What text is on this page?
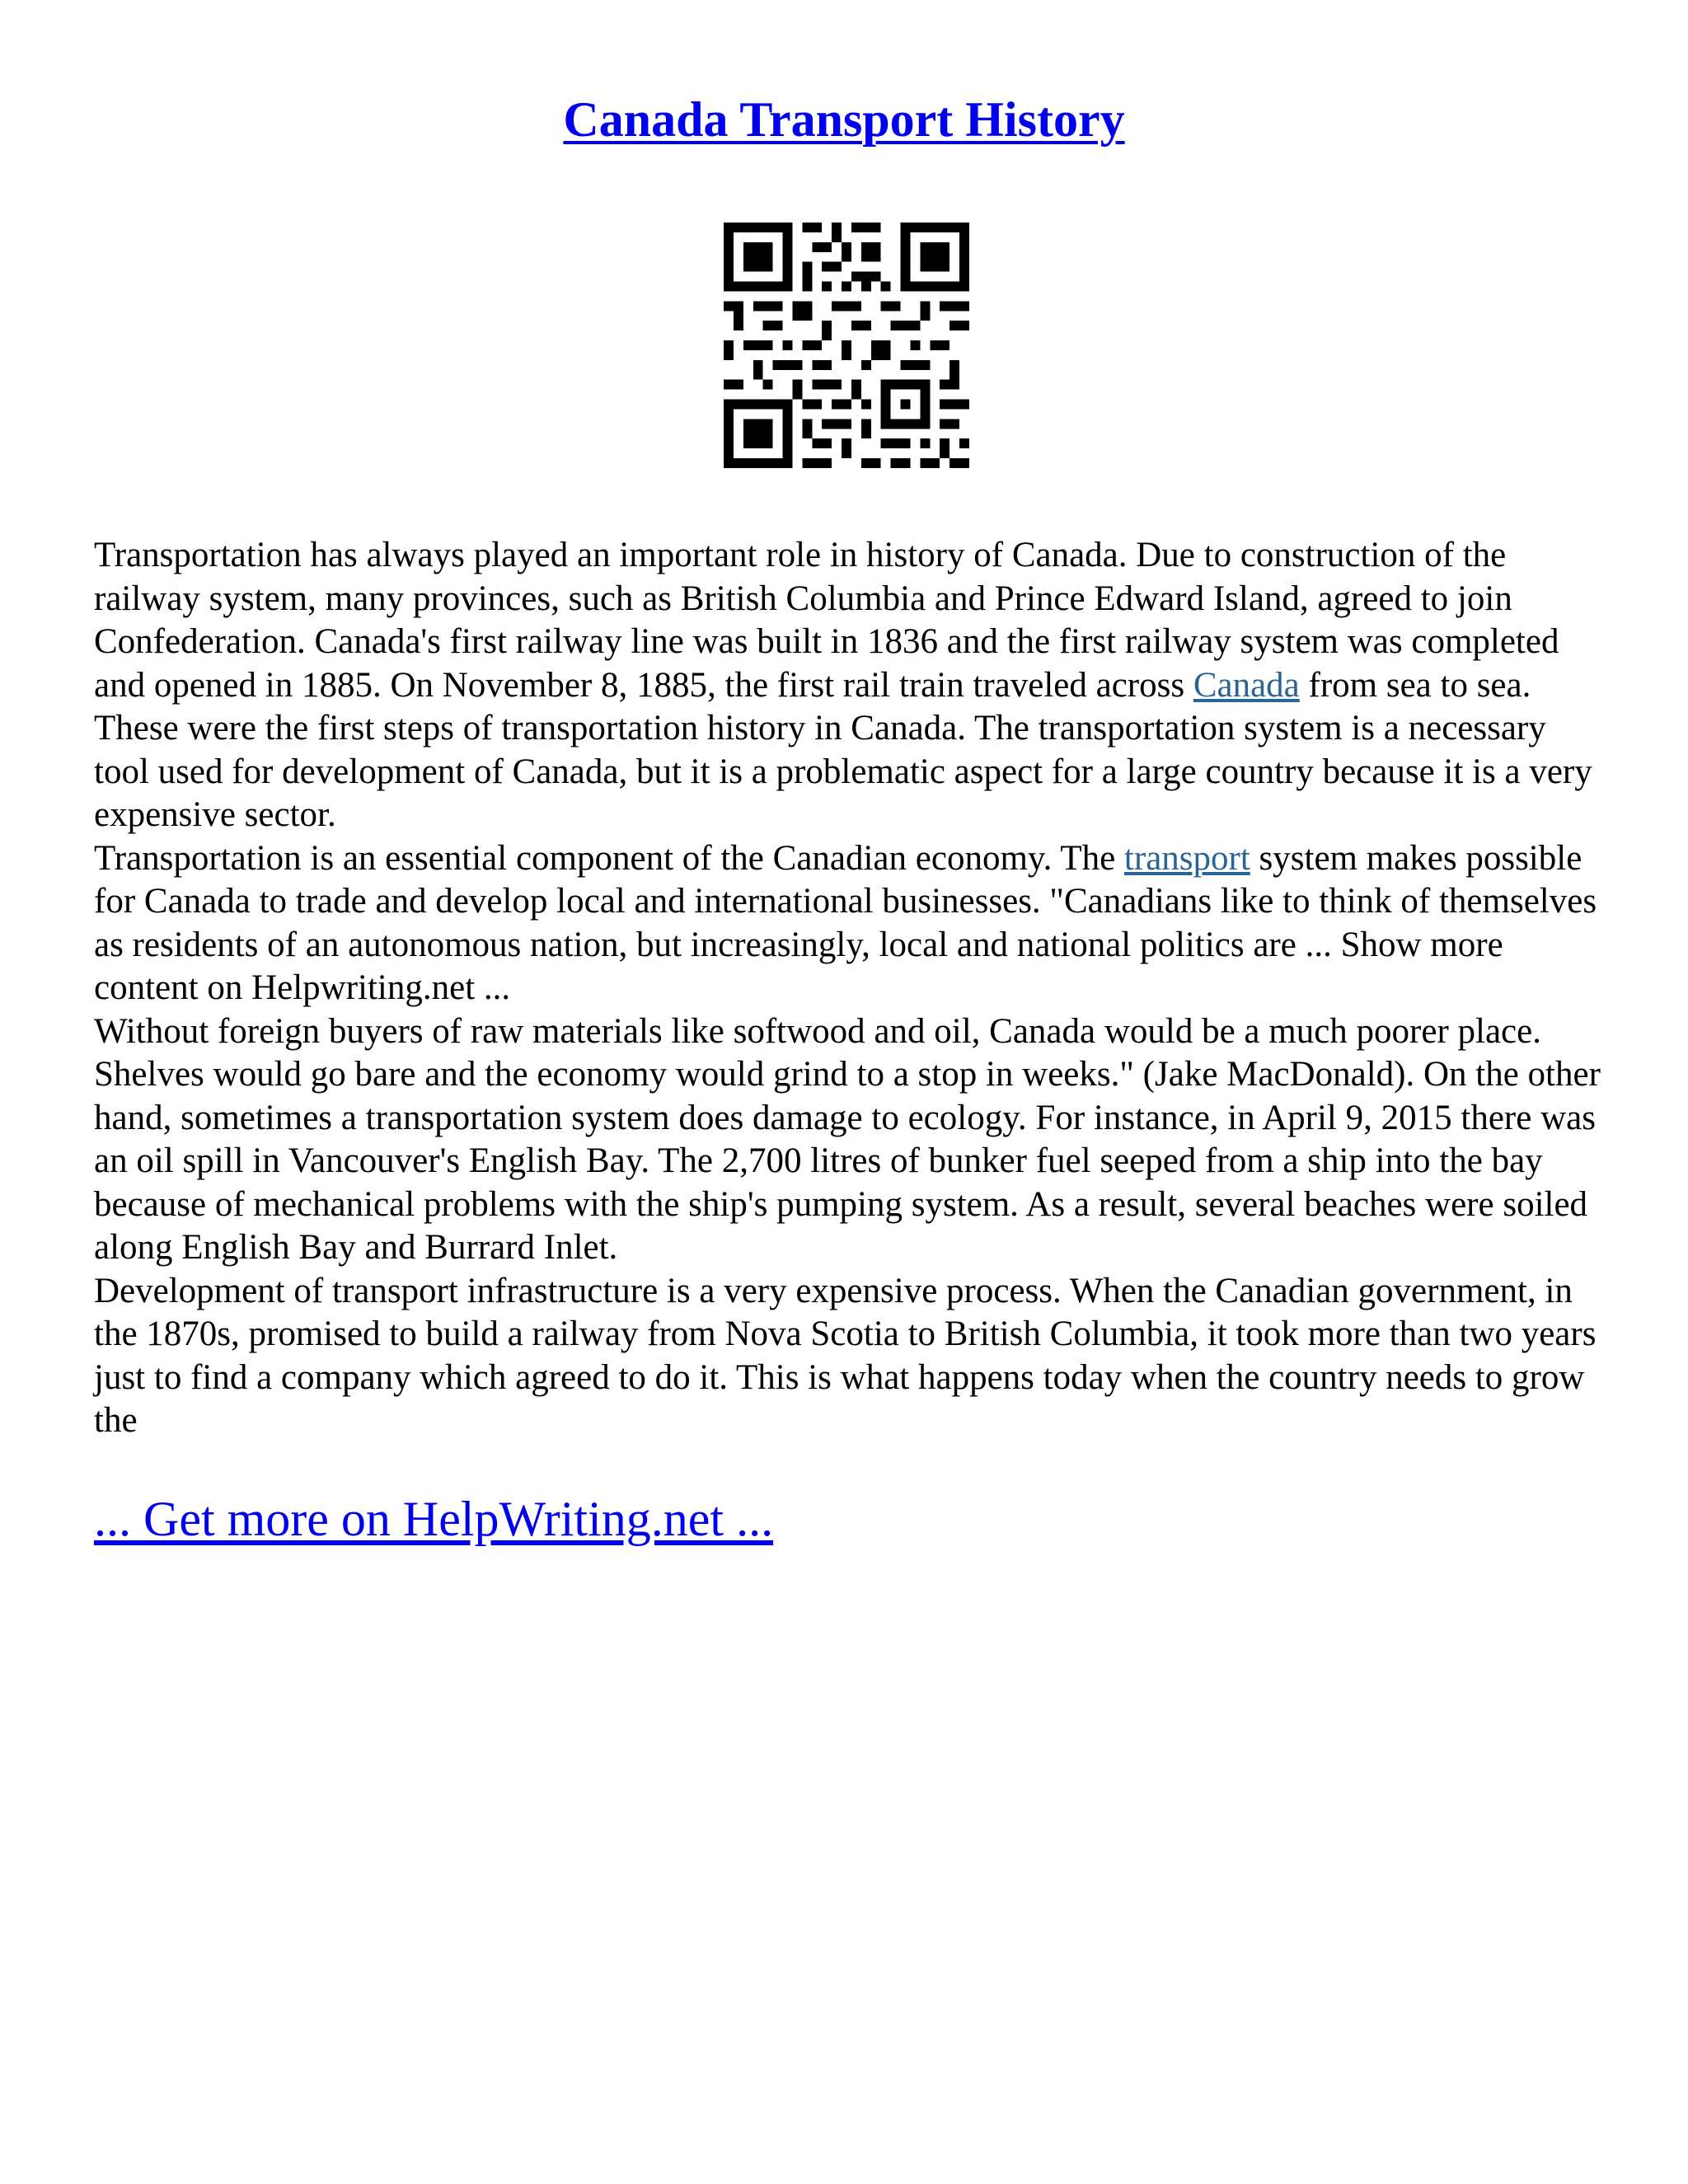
Canada Transport History

Transportation has always played an important role in history of Canada. Due to construction of the railway system, many provinces, such as British Columbia and Prince Edward Island, agreed to join Confederation. Canada's first railway line was built in 1836 and the first railway system was completed and opened in 1885. On November 8, 1885, the first rail train traveled across Canada from sea to sea. These were the first steps of transportation history in Canada. The transportation system is a necessary tool used for development of Canada, but it is a problematic aspect for a large country because it is a very expensive sector.

Transportation is an essential component of the Canadian economy. The transport system makes possible for Canada to trade and develop local and international businesses. "Canadians like to think of themselves as residents of an autonomous nation, but increasingly, local and national politics are ... Show more content on Helpwriting.net ...

Without foreign buyers of raw materials like softwood and oil, Canada would be a much poorer place. Shelves would go bare and the economy would grind to a stop in weeks." (Jake MacDonald). On the other hand, sometimes a transportation system does damage to ecology. For instance, in April 9, 2015 there was an oil spill in Vancouver's English Bay. The 2,700 litres of bunker fuel seeped from a ship into the bay because of mechanical problems with the ship's pumping system. As a result, several beaches were soiled along English Bay and Burrard Inlet.

Development of transport infrastructure is a very expensive process. When the Canadian government, in the 1870s, promised to build a railway from Nova Scotia to British Columbia, it took more than two years just to find a company which agreed to do it. This is what happens today when the country needs to grow the

... Get more on HelpWriting.net ...
